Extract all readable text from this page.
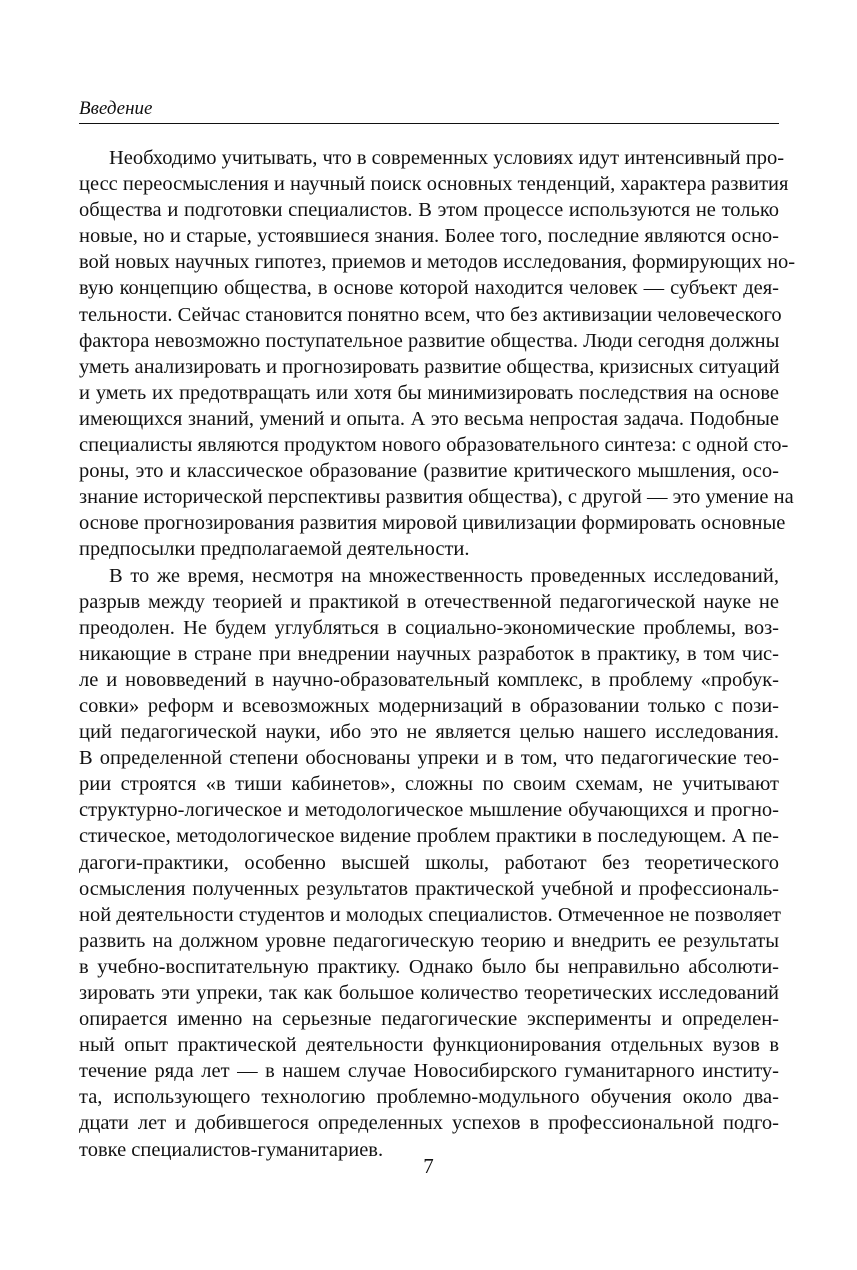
Введение
Необходимо учитывать, что в современных условиях идут интенсивный про-
цесс переосмысления и научный поиск основных тенденций, характера развития
общества и подготовки специалистов. В этом процессе используются не только
новые, но и старые, устоявшиеся знания. Более того, последние являются осно-
вой новых научных гипотез, приемов и методов исследования, формирующих но-
вую концепцию общества, в основе которой находится человек — субъект дея-
тельности. Сейчас становится понятно всем, что без активизации человеческого
фактора невозможно поступательное развитие общества. Люди сегодня должны
уметь анализировать и прогнозировать развитие общества, кризисных ситуаций
и уметь их предотвращать или хотя бы минимизировать последствия на основе
имеющихся знаний, умений и опыта. А это весьма непростая задача. Подобные
специалисты являются продуктом нового образовательного синтеза: с одной сто-
роны, это и классическое образование (развитие критического мышления, осо-
знание исторической перспективы развития общества), с другой — это умение на
основе прогнозирования развития мировой цивилизации формировать основные
предпосылки предполагаемой деятельности.
В то же время, несмотря на множественность проведенных исследований,
разрыв между теорией и практикой в отечественной педагогической науке не
преодолен. Не будем углубляться в социально-экономические проблемы, воз-
никающие в стране при внедрении научных разработок в практику, в том чис-
ле и нововведений в научно-образовательный комплекс, в проблему «пробук-
совки» реформ и всевозможных модернизаций в образовании только с пози-
ций педагогической науки, ибо это не является целью нашего исследования.
В определенной степени обоснованы упреки и в том, что педагогические тео-
рии строятся «в тиши кабинетов», сложны по своим схемам, не учитывают
структурно-логическое и методологическое мышление обучающихся и прогно-
стическое, методологическое видение проблем практики в последующем. А пе-
дагоги-практики, особенно высшей школы, работают без теоретического
осмысления полученных результатов практической учебной и профессиональ-
ной деятельности студентов и молодых специалистов. Отмеченное не позволяет
развить на должном уровне педагогическую теорию и внедрить ее результаты
в учебно-воспитательную практику. Однако было бы неправильно абсолюти-
зировать эти упреки, так как большое количество теоретических исследований
опирается именно на серьезные педагогические эксперименты и определен-
ный опыт практической деятельности функционирования отдельных вузов в
течение ряда лет — в нашем случае Новосибирского гуманитарного институ-
та, использующего технологию проблемно-модульного обучения около два-
дцати лет и добившегося определенных успехов в профессиональной подго-
товке специалистов-гуманитариев.
7
